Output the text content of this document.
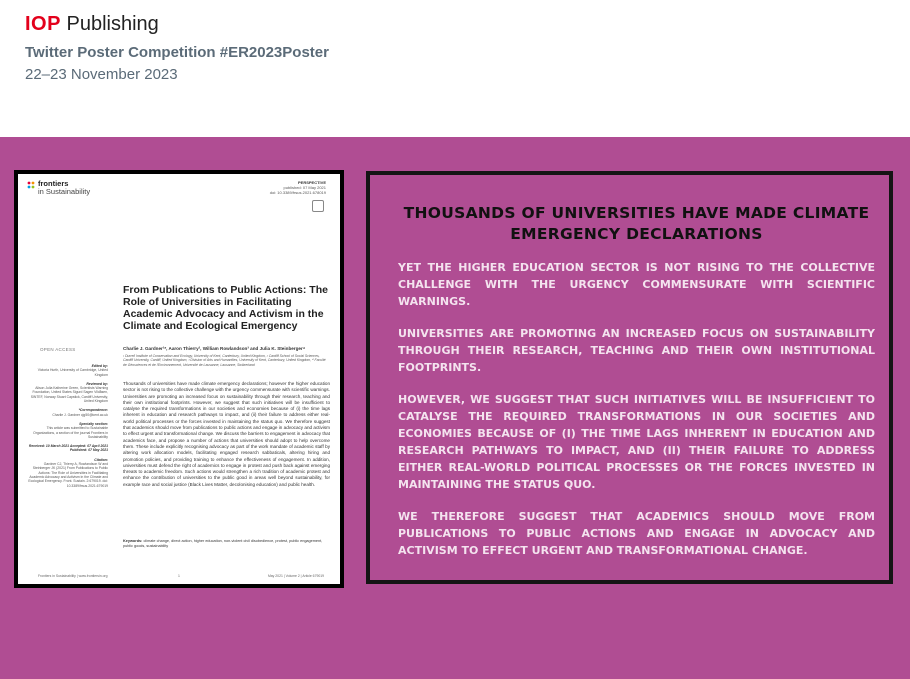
IOP Publishing
Twitter Poster Competition #ER2023Poster
22–23 November 2023
frontiers
in Sustainability
PERSPECTIVE
published: 07 May 2021
doi: 10.3389/frsus.2021.678019
From Publications to Public Actions: The Role of Universities in Facilitating Academic Advocacy and Activism in the Climate and Ecological Emergency
OPEN ACCESS	Charlie J. Gardner¹*, Aaron Thierry², William Rowlandson³ and Julia K. Steinberger⁴
¹ Durrell Institute of Conservation and Ecology, University of Kent, Canterbury, United Kingdom, ² Cardiff School of Social Sciences, Cardiff University, Cardiff, United Kingdom, ³ Division of Arts and Humanities, University of Kent, Canterbury, United Kingdom, ⁴ Faculté de Géosciences et de l'Environnement, Université de Lausanne, Lausanne, Switzerland
Edited by:
Victoria Hurth, University of Cambridge, United Kingdom
Reviewed by:
Alison Julia Katherine Green, Scientists Warning Foundation, United States Sigurd Sagen Vildåsen, SINTEF, Norway Stuart Capstick, Cardiff University, United Kingdom
*Correspondence:
Charlie J. Gardner cjg50@kent.ac.uk
Specialty section:
This article was submitted to Sustainable Organizations, a section of the journal Frontiers in Sustainability
Received: 10 March 2021 Accepted: 07 April 2021 Published: 07 May 2021
Citation:
Gardner CJ, Thierry A, Rowlandson W and Steinberger JK (2021) From Publications to Public Actions: The Role of Universities in Facilitating Academic Advocacy and Activism in the Climate and Ecological Emergency. Front. Sustain. 2:679019. doi: 10.3389/frsus.2021.679019
Thousands of universities have made climate emergency declarations; however the higher education sector is not rising to the collective challenge with the urgency commensurate with scientific warnings. Universities are promoting an increased focus on sustainability through their research, teaching and their own institutional footprints. However, we suggest that such initiatives will be insufficient to catalyse the required transformations in our societies and economies because of (i) the time lags inherent in education and research pathways to impact, and (ii) their failure to address either real-world political processes or the forces invested in maintaining the status quo. We therefore suggest that academics should move from publications to public actions and engage in advocacy and activism to effect urgent and transformational change. We discuss the barriers to engagement in advocacy that academics face, and propose a number of actions that universities should adopt to help overcome them. These include explicitly recognising advocacy as part of the work mandate of academic staff by altering work allocation models, facilitating engaged research sabbaticals, altering hiring and promotion policies, and providing training to enhance the effectiveness of engagement. In addition, universities must defend the right of academics to engage in protest and push back against emerging threats to academic freedom. Such actions would strengthen a rich tradition of academic protest and enhance the contribution of universities to the public good in areas well beyond sustainability, for example race and social justice (Black Lives Matter, decolonising education) and public health.
Keywords: climate change, direct action, higher education, non-violent civil disobedience, protest, public engagement, public goods, sustainability
Frontiers in Sustainability | www.frontiersin.org	1	May 2021 | Volume 2 | Article 679019
THOUSANDS OF UNIVERSITIES HAVE MADE CLIMATE EMERGENCY DECLARATIONS

YET THE HIGHER EDUCATION SECTOR IS NOT RISING TO THE COLLECTIVE CHALLENGE WITH THE URGENCY COMMENSURATE WITH SCIENTIFIC WARNINGS.

UNIVERSITIES ARE PROMOTING AN INCREASED FOCUS ON SUSTAINABILITY THROUGH THEIR RESEARCH, TEACHING AND THEIR OWN INSTITUTIONAL FOOTPRINTS.

HOWEVER, WE SUGGEST THAT SUCH INITIATIVES WILL BE INSUFFICIENT TO CATALYSE THE REQUIRED TRANSFORMATIONS IN OUR SOCIETIES AND ECONOMIES BECAUSE OF (I) THE TIME LAGS INHERENT IN EDUCATION AND RESEARCH PATHWAYS TO IMPACT, AND (II) THEIR FAILURE TO ADDRESS EITHER REAL-WORLD POLITICAL PROCESSES OR THE FORCES INVESTED IN MAINTAINING THE STATUS QUO.

WE THEREFORE SUGGEST THAT ACADEMICS SHOULD MOVE FROM PUBLICATIONS TO PUBLIC ACTIONS AND ENGAGE IN ADVOCACY AND ACTIVISM TO EFFECT URGENT AND TRANSFORMATIONAL CHANGE.
